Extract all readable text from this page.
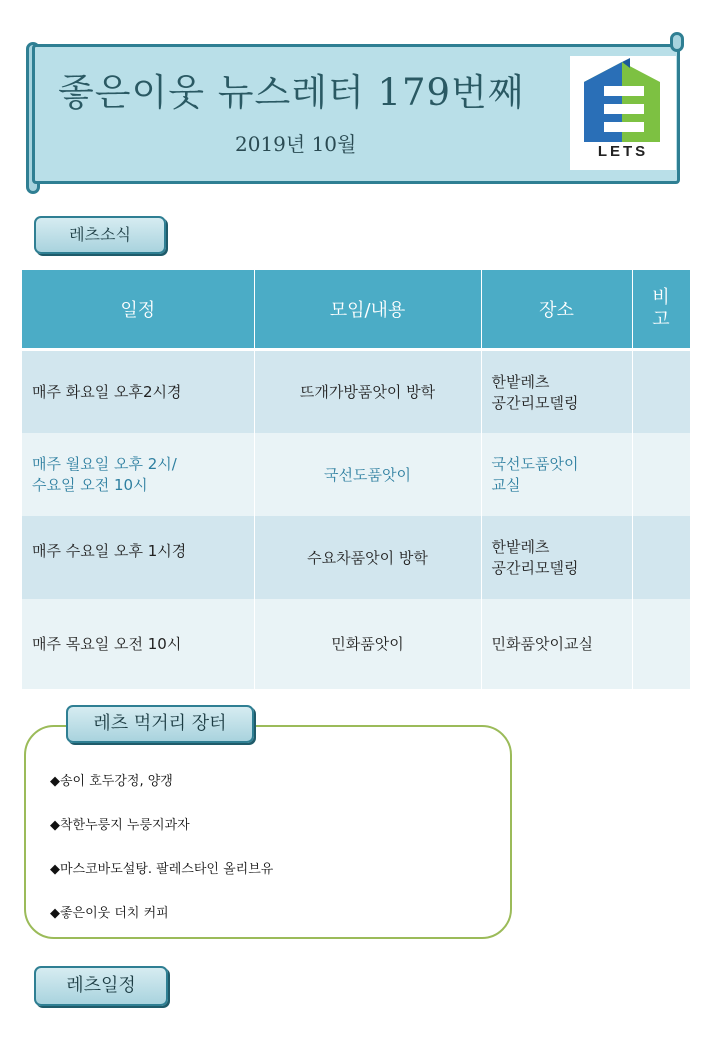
좋은이웃 뉴스레터 179번째
2019년 10월	LETS
레츠소식
일정	모임/내용	장소	비고
매주 화요일 오후2시경	뜨개가방품앗이 방학	한밭레츠
공간리모델링	
매주 월요일 오후 2시/
수요일 오전 10시	국선도품앗이	국선도품앗이
교실	
매주 수요일 오후 1시경	수요차품앗이 방학	한밭레츠
공간리모델링	
매주 목요일 오전 10시	민화품앗이	민화품앗이교실	
레츠 먹거리 장터
◆송이 호두강정, 양갱
◆착한누룽지 누룽지과자
◆마스코바도설탕. 팔레스타인 올리브유
◆좋은이웃 더치 커피
레츠일정
